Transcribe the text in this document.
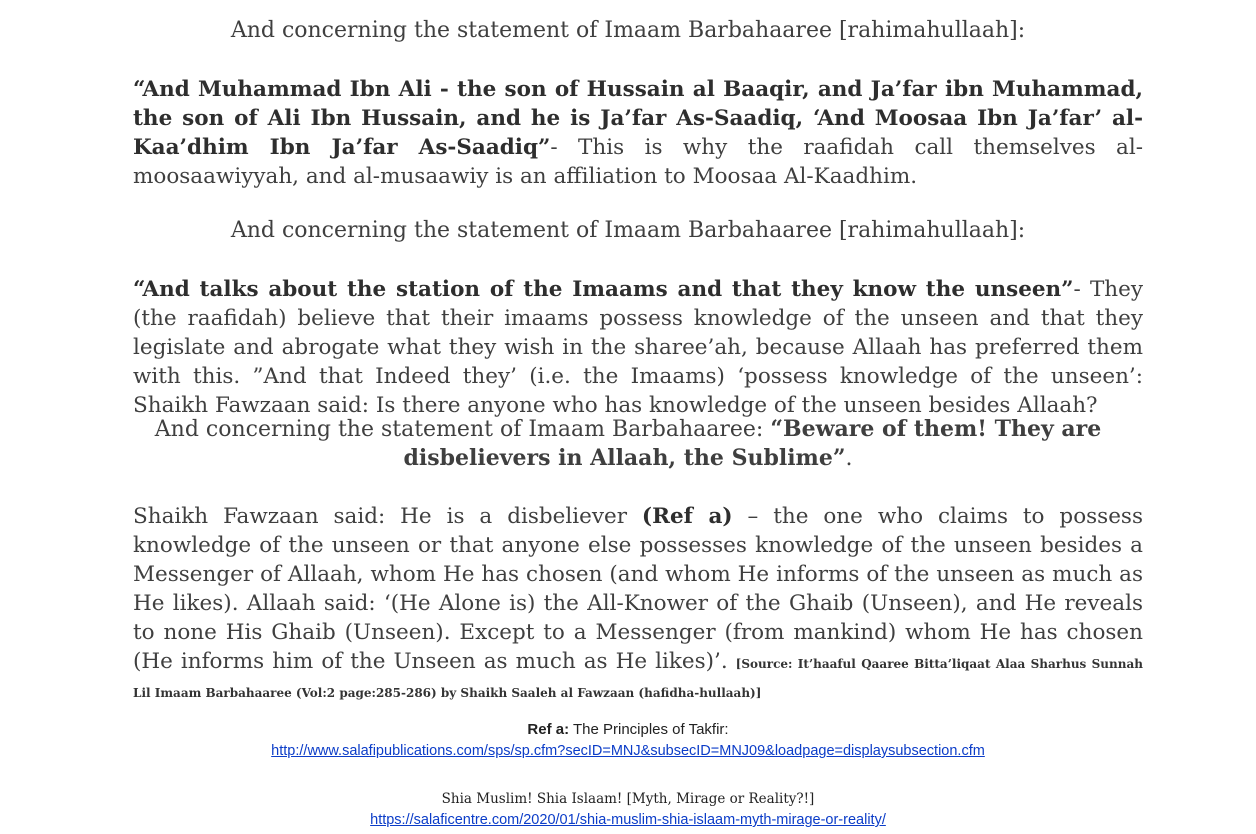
And concerning the statement of Imaam Barbahaaree [rahimahullaah]:
“And Muhammad Ibn Ali - the son of Hussain al Baaqir, and Ja’far ibn Muhammad, the son of Ali Ibn Hussain, and he is Ja’far As-Saadiq, ‘And Moosaa Ibn Ja’far’ al-Kaa’dhim Ibn Ja’far As-Saadiq”- This is why the raafidah call themselves al-moosaawiyyah, and al-musaawiy is an affiliation to Moosaa Al-Kaadhim.
And concerning the statement of Imaam Barbahaaree [rahimahullaah]:
“And talks about the station of the Imaams and that they know the unseen”- They (the raafidah) believe that their imaams possess knowledge of the unseen and that they legislate and abrogate what they wish in the sharee’ah, because Allaah has preferred them with this. ”And that Indeed they’ (i.e. the Imaams) ‘possess knowledge of the unseen’: Shaikh Fawzaan said: Is there anyone who has knowledge of the unseen besides Allaah?
And concerning the statement of Imaam Barbahaaree: “Beware of them! They are
disbelievers in Allaah, the Sublime”.
Shaikh Fawzaan said: He is a disbeliever (Ref a) – the one who claims to possess knowledge of the unseen or that anyone else possesses knowledge of the unseen besides a Messenger of Allaah, whom He has chosen (and whom He informs of the unseen as much as He likes). Allaah said: ‘(He Alone is) the All-Knower of the Ghaib (Unseen), and He reveals to none His Ghaib (Unseen). Except to a Messenger (from mankind) whom He has chosen (He informs him of the Unseen as much as He likes)’. [Source: It’haaful Qaaree Bitta’liqaat Alaa Sharhus Sunnah Lil Imaam Barbahaaree (Vol:2 page:285-286) by Shaikh Saaleh al Fawzaan (hafidha-hullaah)]
Ref a: The Principles of Takfir:
http://www.salafipublications.com/sps/sp.cfm?secID=MNJ&subsecID=MNJ09&loadpage=displaysubsection.cfm
Shia Muslim! Shia Islaam! [Myth, Mirage or Reality?!]
https://salaficentre.com/2020/01/shia-muslim-shia-islaam-myth-mirage-or-reality/
